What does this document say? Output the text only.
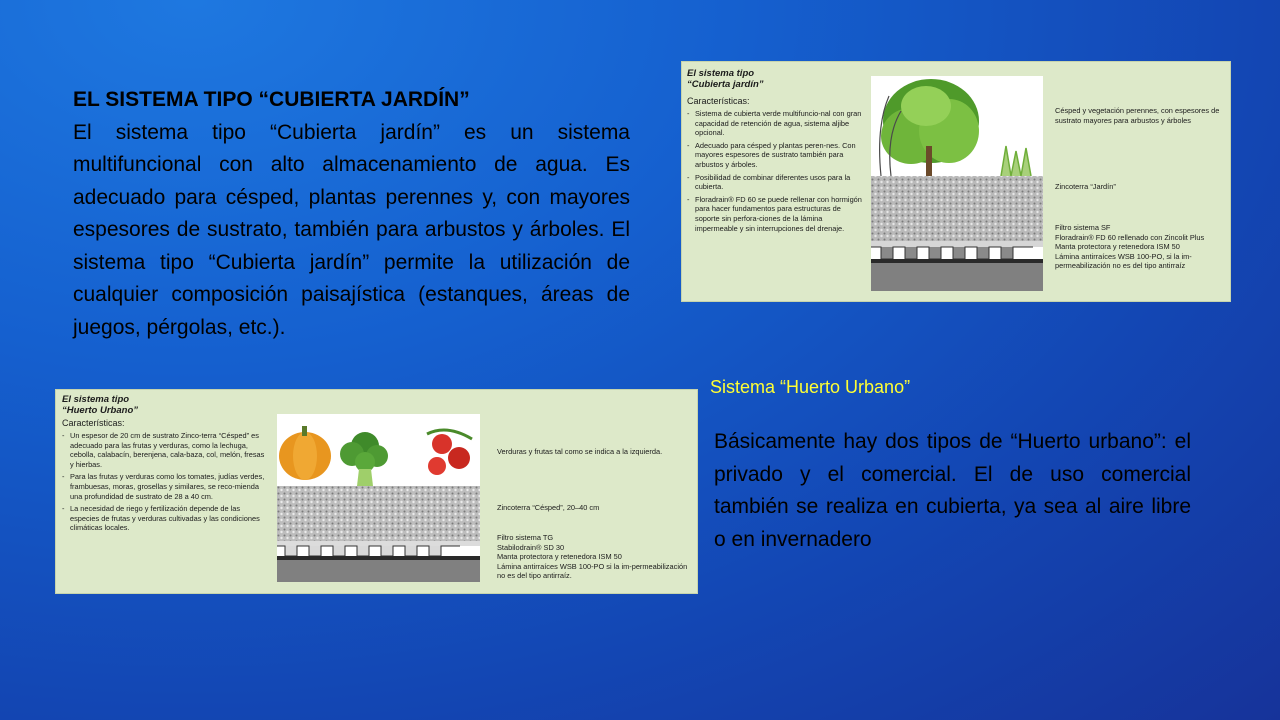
EL SISTEMA TIPO “CUBIERTA JARDÍN”
El sistema tipo “Cubierta jardín” es un sistema multifuncional con alto almacenamiento de agua. Es adecuado para césped, plantas perennes y, con mayores espesores de sustrato, también para arbustos y árboles. El sistema tipo “Cubierta jardín” permite la utilización de cualquier composición paisajística (estanques, áreas de juegos, pérgolas, etc.).
El sistema tipo
“Cubierta jardín”
Características:
- Sistema de cubierta verde multifuncio-nal con gran capacidad de retención de agua, sistema aljibe opcional.
- Adecuado para césped y plantas peren-nes. Con mayores espesores de sustrato también para arbustos y árboles.
- Posibilidad de combinar diferentes usos para la cubierta.
- Floradrain® FD 60 se puede rellenar con hormigón para hacer fundamentos para estructuras de soporte sin perfora-ciones de la lámina impermeable y sin interrupciones del drenaje.
Césped y vegetación perennes, con espesores de sustrato mayores para arbustos y árboles
Zincoterra “Jardín”
Filtro sistema SF
Floradrain® FD 60 rellenado con Zincolit Plus
Manta protectora y retenedora ISM 50
Lámina antirraíces WSB 100-PO, si la im-permeabilización no es del tipo antirraíz
El sistema tipo
“Huerto Urbano”
Características:
- Un espesor de 20 cm de sustrato Zinco-terra “Césped” es adecuado para las frutas y verduras, como la lechuga, cebolla, calabacín, berenjena, cala-baza, col, melón, fresas y hierbas.
- Para las frutas y verduras como los tomates, judías verdes, frambuesas, moras, grosellas y similares, se reco-mienda una profundidad de sustrato de 28 a 40 cm.
- La necesidad de riego y fertilización depende de las especies de frutas y verduras cultivadas y las condiciones climáticas locales.
Verduras y frutas tal como se indica a la izquierda.
Zincoterra “Césped”, 20–40 cm
Filtro sistema TG
Stabilodrain® SD 30
Manta protectora y retenedora ISM 50
Lámina antirraíces WSB 100-PO si la im-permeabilización no es del tipo antirraíz.
Sistema “Huerto Urbano”
Básicamente hay dos tipos de “Huerto urbano”: el privado y el comercial. El de uso comercial también se realiza en cubierta, ya sea al aire libre o en invernadero
